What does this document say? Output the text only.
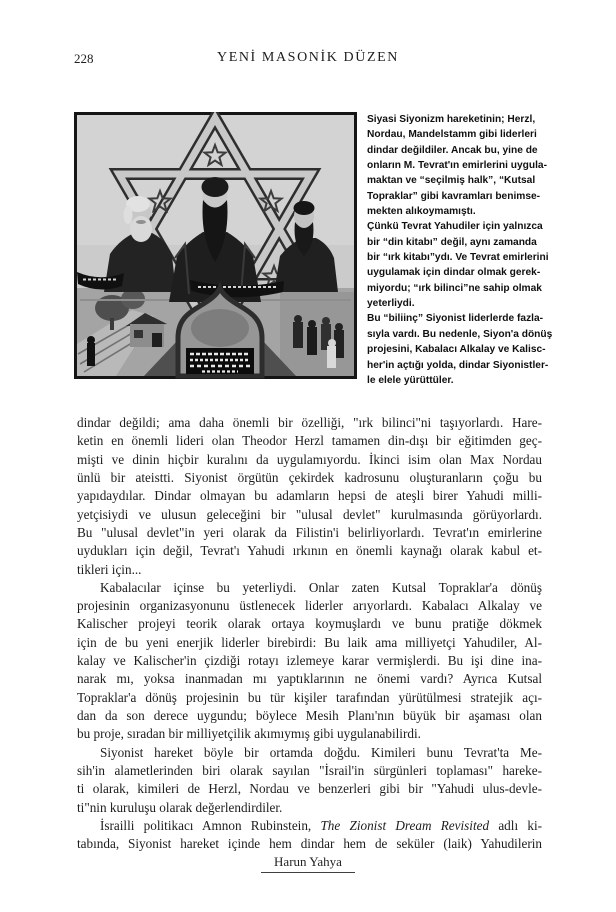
228	YENİ MASONİK DÜZEN
Siyasi Siyonizm hareketinin; Herzl,
Nordau, Mandelstamm gibi liderleri
dindar değildiler. Ancak bu, yine de
onların M. Tevrat'ın emirlerini uygula-
maktan ve “seçilmiş halk”, “Kutsal
Topraklar” gibi kavramları benimse-
mekten alıkoymamıştı.
Çünkü Tevrat Yahudiler için yalnızca
bir “din kitabı” değil, aynı zamanda
bir “ırk kitabı”ydı. Ve Tevrat emirlerini
uygulamak için dindar olmak gerek-
miyordu; “ırk bilinci”ne sahip olmak
yeterliydi.
Bu “biliinç” Siyonist liderlerde fazla-
sıyla vardı. Bu nedenle, Siyon'a dönüş
projesini, Kabalacı Alkalay ve Kalisc-
her'in açtığı yolda, dindar Siyonistler-
le elele yürüttüler.
dindar değildi; ama daha önemli bir özelliği, "ırk bilinci"ni taşıyorlardı. Hare-
ketin en önemli lideri olan Theodor Herzl tamamen din-dışı bir eğitimden geç-
mişti ve dinin hiçbir kuralını da uygulamıyordu. İkinci isim olan Max Nordau
ünlü bir ateistti. Siyonist örgütün çekirdek kadrosunu oluşturanların çoğu bu
yapıdaydılar. Dindar olmayan bu adamların hepsi de ateşli birer Yahudi milli-
yetçisiydi ve ulusun geleceğini bir "ulusal devlet" kurulmasında görüyorlardı.
Bu "ulusal devlet"in yeri olarak da Filistin'i belirliyorlardı. Tevrat'ın emirlerine
uydukları için değil, Tevrat'ı Yahudi ırkının en önemli kaynağı olarak kabul et-
tikleri için...
Kabalacılar içinse bu yeterliydi. Onlar zaten Kutsal Topraklar'a dönüş
projesinin organizasyonunu üstlenecek liderler arıyorlardı. Kabalacı Alkalay ve
Kalischer projeyi teorik olarak ortaya koymuşlardı ve bunu pratiğe dökmek
için de bu yeni enerjik liderler birebirdi: Bu laik ama milliyetçi Yahudiler, Al-
kalay ve Kalischer'in çizdiği rotayı izlemeye karar vermişlerdi. Bu işi dine ina-
narak mı, yoksa inanmadan mı yaptıklarının ne önemi vardı? Ayrıca Kutsal
Topraklar'a dönüş projesinin bu tür kişiler tarafından yürütülmesi stratejik açı-
dan da son derece uygundu; böylece Mesih Planı'nın büyük bir aşaması olan
bu proje, sıradan bir milliyetçilik akımıymış gibi uygulanabilirdi.
Siyonist hareket böyle bir ortamda doğdu. Kimileri bunu Tevrat'ta Me-
sih'in alametlerinden biri olarak sayılan "İsrail'in sürgünleri toplaması" hareke-
ti olarak, kimileri de Herzl, Nordau ve benzerleri gibi bir "Yahudi ulus-devle-
ti"nin kuruluşu olarak değerlendirdiler.
İsrailli politikacı Amnon Rubinstein, The Zionist Dream Revisited adlı ki-
tabında, Siyonist hareket içinde hem dindar hem de seküler (laik) Yahudilerin
Harun Yahya
